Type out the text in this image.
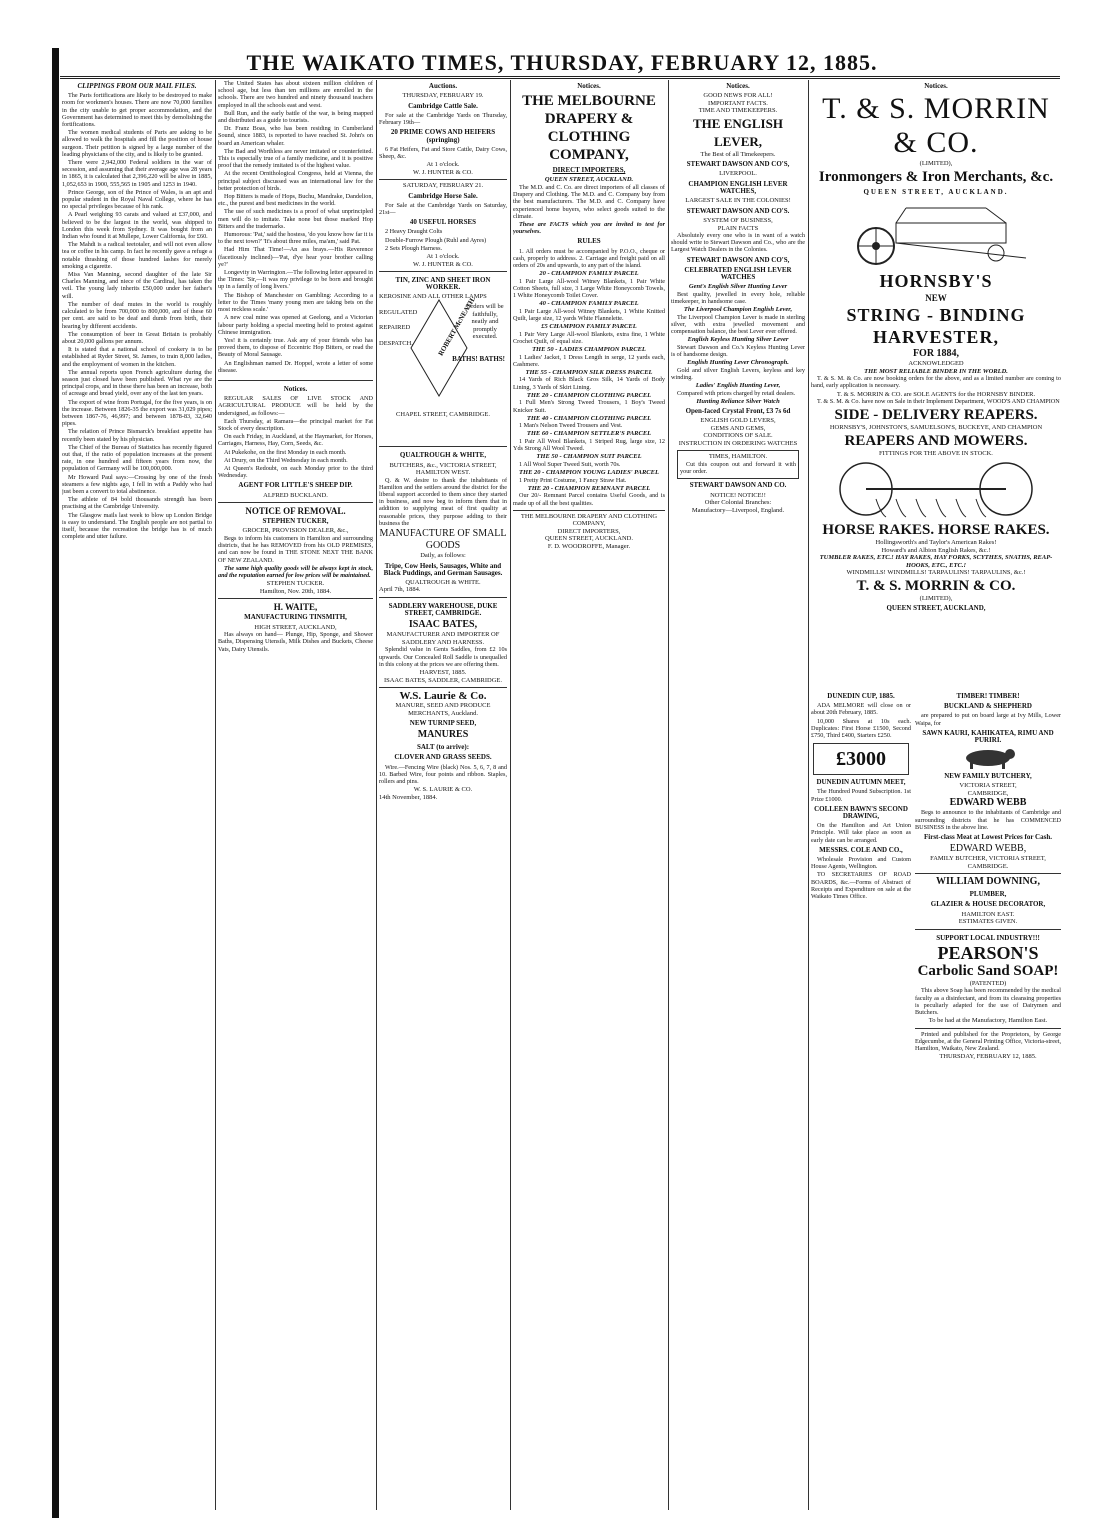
THE WAIKATO TIMES, THURSDAY, FEBRUARY 12, 1885.
CLIPPINGS FROM OUR MAIL FILES.

The Paris fortifications are likely to be destroyed to make room for workmen's houses. There are now 70,000 families in the city unable to get proper accommodation, and the Government has determined to meet this by demolishing the fortifications.

The women medical students of Paris are asking to be allowed to walk the hospitals and fill the position of house surgeon. Their petition is signed by a large number of the leading physicians of the city, and is likely to be granted.

There were 2,942,000 Federal soldiers in the war of secession, and assuming that their average age was 28 years in 1865, it is calculated that 2,396,220 will be alive in 1885, 1,052,653 in 1900, 555,565 in 1905 and 1253 in 1940.

Prince George, son of the Prince of Wales, is an apt and popular student in the Royal Naval College, where he has no special privileges because of his rank.

A Pearl weighing 93 carats and valued at £37,000, and believed to be the largest in the world, was shipped to London this week from Sydney. It was bought from an Indian who found it at Mullepe, Lower California, for £60.

The Mahdi is a radical teetotaler, and will not even allow tea or coffee in his camp. In fact he recently gave a refuge a notable thrashing of those hundred lashes for merely smoking a cigarette.

Miss Van Manning, second daughter of the late Sir Charles Manning, and niece of the Cardinal, has taken the veil. The young lady inherits £50,000 under her father's will.

The number of deaf mutes in the world is roughly calculated to be from 700,000 to 800,000, and of these 60 per cent. are said to be deaf and dumb from birth, their hearing by different accidents.

The consumption of beer in Great Britain is probably about 20,000 gallons per annum.

It is stated that a national school of cookery is to be established at Ryder Street, St. James, to train 8,000 ladies, and the employment of women in the kitchen.

The annual reports upon French agriculture during the season just closed have been published. What rye are the principal crops, and in these there has been an increase, both of acreage and bread yield, over any of the last ten years.

The export of wine from Portugal, for the five years, is on the increase. Between 1826-35 the export was 31,029 pipes; between 1867-76, 46,997; and between 1878-83, 32,640 pipes.

The relation of Prince Bismarck's breakfast appetite has recently been stated by his physician.

The Chief of the Bureau of Statistics has recently figured out that, if the ratio of population increases at the present rate, in one hundred and fifteen years from now, the population of Germany will be 100,000,000.

Mr Howard Paul says:—Crossing by one of the fresh steamers a few nights ago, I fell in with a Paddy who had just been a convert to total abstinence.

The athlete of 84 bold thousands strength has been practising at the Cambridge University.

The Glasgow mails last week to blow up London Bridge is easy to understand. The English people are not partial to itself, because the recreation the bridge has is of much complete and utter failure.

The United States has about sixteen million children of school age, but less than ten millions are enrolled in the schools. There are two hundred and ninety thousand teachers employed in all the schools east and west.

Bull Run, and the early battle of the war, is being mapped and distributed as a guide to tourists.

Dr. Franz Boas, who has been residing in Cumberland Sound, since 1883, is reported to have reached St. John's on board an American whaler.

The Bad and Worthless are never imitated or counterfeited. This is especially true of a family medicine, and it is positive proof that the remedy imitated is of the highest value.

At the recent Ornithological Congress, held at Vienna, the principal subject discussed was an international law for the better protection of birds.

Hop Bitters is made of Hops, Buchu, Mandrake, Dandelion, etc., the purest and best medicines in the world.

The use of such medicines is a proof of what unprincipled men will do to imitate. Take none but those marked Hop Bitters and the tradernarks.

Humorous: 'Pat,' said the hostess, 'do you know how far it is to the next town?' 'It's about three miles, ma'am,' said Pat.

Had Him That Time!—An ass brays.—His Reverence (facetiously inclined)—'Pat, d'ye hear your brother calling ye?'

Longevity in Warrington.—The following letter appeared in the Times: 'Sir,—It was my privilege to be born and brought up in a family of long livers.'

The Bishop of Manchester on Gambling: According to a letter to the Times 'many young men are taking bets on the most reckless scale.'

A new coal mine was opened at Geelong, and a Victorian labour party holding a special meeting held to protest against Chinese immigration.

Yes! it is certainly true. Ask any of your friends who has proved them, to dispose of Eccentric Hop Bitters, or read the Beauty of Moral Sausage.

An Englishman named Dr. Hoppel, wrote a letter of some disease.

Notices.

REGULAR SALES OF LIVE STOCK AND AGRICULTURAL PRODUCE will be held by the undersigned, as follows:—

Each Thursday, at Ramara—the principal market for Fat Stock of every description.

On each Friday, in Auckland, at the Haymarket, for Horses, Carriages, Harness, Hay, Corn, Seeds, &c.

At Pukekohe, on the first Monday in each month.

At Drury, on the Third Wednesday in each month.

At Queen's Redoubt, on each Monday prior to the third Wednesday.

AGENT FOR LITTLE'S SHEEP DIP.
ALFRED BUCKLAND.
NOTICE OF REMOVAL.
STEPHEN TUCKER,
GROCER, PROVISION DEALER, &c.,

Begs to inform his customers in Hamilton and surrounding districts, that he has REMOVED from his OLD PREMISES, and can now be found in THE STONE NEXT THE BANK OF NEW ZEALAND.

The same high quality goods will be always kept in stock, and the reputation earned for low prices will be maintained.

STEPHEN TUCKER.
Hamilton, Nov. 20th, 1884.
H. WAITE,
MANUFACTURING TINSMITH,
HIGH STREET, AUCKLAND,

Has always on hand— Plunge, Hip, Sponge, and Shower Baths, Dispensing Utensils, Milk Dishes and Buckets, Cheese Vats, Dairy Utensils.

Auctions.
THURSDAY, FEBRUARY 19.
Cambridge Cattle Sale.

For sale at the Cambridge Yards on Thursday, February 19th—

20 PRIME COWS AND HEIFERS (springing)

6 Fat Heifers, Fat and Store Cattle, Dairy Cows, Sheep, &c.

At 1 o'clock.
W. J. HUNTER & CO.
SATURDAY, FEBRUARY 21.
Cambridge Horse Sale.

For Sale at the Cambridge Yards on Saturday, 21st—

40 USEFUL HORSES

2 Heavy Draught Colts

Double-Furrow Plough (Ruhl and Ayres)

2 Sets Plough Harness.

At 1 o'clock.
W. J. HUNTER & CO.
TIN, ZINC AND SHEET IRON WORKER.
KEROSINE AND ALL OTHER LAMPS
REGULATED
REPAIRED
DESPATCH.
BATHS! BATHS!
Orders will be faithfully, neatly and promptly executed.
ROBERT McNEATH.
CHAPEL STREET, CAMBRIDGE.
QUALTROUGH & WHITE,
BUTCHERS, &c., VICTORIA STREET, HAMILTON WEST.

Q. & W. desire to thank the inhabitants of Hamilton and the settlers around the district for the liberal support accorded to them since they started in business, and now beg to inform them that in addition to supplying meat of first quality at reasonable prices, they purpose adding to their business the

MANUFACTURE OF SMALL GOODS
Daily, as follows:
Tripe, Cow Heels, Sausages, White and Black Puddings, and German Sausages.
QUALTROUGH & WHITE.
April 7th, 1884.
SADDLERY WAREHOUSE, DUKE STREET, CAMBRIDGE.
ISAAC BATES,
MANUFACTURER AND IMPORTER OF SADDLERY AND HARNESS.

Splendid value in Gents Saddles, from £2 10s upwards. Our Concealed Roll Saddle is unequalled in this colony at the prices we are offering them.

HARVEST, 1885.
ISAAC BATES, SADDLER, CAMBRIDGE.
W.S. Laurie & Co.
MANURE, SEED AND PRODUCE MERCHANTS, Auckland.
NEW TURNIP SEED,
MANURES
SALT (to arrive):
CLOVER AND GRASS SEEDS.

Wire.—Fencing Wire (black) Nos. 5, 6, 7, 8 and 10. Barbed Wire, four points and ribbon. Staples, rollers and pins.

W. S. LAURIE & CO.
14th November, 1884.
Notices.
THE MELBOURNE
DRAPERY & CLOTHING
COMPANY,
DIRECT IMPORTERS,
QUEEN STREET, AUCKLAND.

The M.D. and C. Co. are direct importers of all classes of Drapery and Clothing. The M.D. and C. Company buy from the best manufacturers. The M.D. and C. Company have experienced home buyers, who select goods suited to the climate.

These are FACTS which you are invited to test for yourselves.

RULES

1. All orders must be accompanied by P.O.O., cheque or cash, properly to address. 2. Carriage and freight paid on all orders of 20s and upwards, to any part of the island.

20 - CHAMPION FAMILY PARCEL

1 Pair Large All-wool Witney Blankets, 1 Pair White Cotton Sheets, full size, 3 Large White Honeycomb Towels, 1 White Honeycomb Toilet Cover.

40 - CHAMPION FAMILY PARCEL

1 Pair Large All-wool Witney Blankets, 1 White Knitted Quilt, large size, 12 yards White Flannelette.

£5 CHAMPION FAMILY PARCEL

1 Pair Very Large All-wool Blankets, extra fine, 1 White Crochet Quilt, of equal size.

THE 50 - LADIES CHAMPION PARCEL

1 Ladies' Jacket, 1 Dress Length in serge, 12 yards each, Cashmere.

THE 55 - CHAMPION SILK DRESS PARCEL

14 Yards of Rich Black Gros Silk, 14 Yards of Body Lining, 3 Yards of Skirt Lining.

THE 20 - CHAMPION CLOTHING PARCEL

1 Full Men's Strong Tweed Trousers, 1 Boy's Tweed Knicker Suit.

THE 40 - CHAMPION CLOTHING PARCEL

1 Man's Nelson Tweed Trousers and Vest.

THE 60 - CHAMPION SETTLER'S PARCEL

1 Pair All Wool Blankets, 1 Striped Rug, large size, 12 Yds Strong All Wool Tweed.

THE 50 - CHAMPION SUIT PARCEL

1 All Wool Super Tweed Suit, worth 70s.

THE 20 - CHAMPION YOUNG LADIES' PARCEL

1 Pretty Print Costume, 1 Fancy Straw Hat.

THE 20 - CHAMPION REMNANT PARCEL

Our 20/- Remnant Parcel contains Useful Goods, and is made up of all the best qualities.

THE MELBOURNE DRAPERY AND CLOTHING COMPANY,
DIRECT IMPORTERS,
QUEEN STREET, AUCKLAND.
F. D. WOODROFFE, Manager.
Notices.
GOOD NEWS FOR ALL!
IMPORTANT FACTS.
TIME AND TIMEKEEPERS.
THE ENGLISH LEVER,
The Best of all Timekeepers.
STEWART DAWSON AND CO'S,
LIVERPOOL.
CHAMPION ENGLISH LEVER WATCHES,
LARGEST SALE IN THE COLONIES!
STEWART DAWSON AND CO'S.
SYSTEM OF BUSINESS,
PLAIN FACTS

Absolutely every one who is in want of a watch should write to Stewart Dawson and Co., who are the Largest Watch Dealers in the Colonies.

STEWART DAWSON AND CO'S,
CELEBRATED ENGLISH LEVER WATCHES
Gent's English Silver Hunting Lever

Best quality, jewelled in every hole, reliable timekeeper, in handsome case.

The Liverpool Champion English Lever,

The Liverpool Champion Lever is made in sterling silver, with extra jewelled movement and compensation balance, the best Lever ever offered.

English Keyless Hunting Silver Lever

Stewart Dawson and Co.'s Keyless Hunting Lever is of handsome design.

English Hunting Lever Chronograph.

Gold and silver English Levers, keyless and key winding.

Ladies' English Hunting Lever,

Compared with prices charged by retail dealers.

Hunting Reliance Silver Watch
Open-faced Crystal Front, £3 7s 6d
ENGLISH GOLD LEVERS,
GEMS AND GEMS,
CONDITIONS OF SALE.
INSTRUCTION IN ORDERING WATCHES
TIMES, HAMILTON.

Cut this coupon out and forward it with your order.

STEWART DAWSON AND CO.
NOTICE! NOTICE!!
Other Colonial Branches:
Manufactory—Liverpool, England.
DUNEDIN CUP, 1885.

ADA MELMORE will close on or about 20th February, 1885.

10,000 Shares at 10s each. Duplicates: First Horse £1500, Second £750, Third £400, Starters £250.

£3000
DUNEDIN AUTUMN MEET,

The Hundred Pound Subscription. 1st Prize £1000.

COLLEEN BAWN'S SECOND DRAWING,

On the Hamilton and Art Union Principle. Will take place as soon as early date can be arranged.

MESSRS. COLE AND CO.,

Wholesale Provision and Custom House Agents, Wellington.

TO SECRETARIES OF ROAD BOARDS, &c.—Forms of Abstract of Receipts and Expenditure on sale at the Waikato Times Office.

Notices.
T. & S. MORRIN & CO.
(LIMITED),
Ironmongers & Iron Merchants, &c.
QUEEN STREET, AUCKLAND.
HORNSBY'S
NEW
STRING - BINDING HARVESTER,
FOR 1884,
ACKNOWLEDGED
THE MOST RELIABLE BINDER IN THE WORLD.

T. & S. M. & Co. are now booking orders for the above, and as a limited number are coming to hand, early application is necessary.

T. & S. MORRIN & CO. are SOLE AGENTS for the HORNSBY BINDER.

T. & S. M. & Co. have now on Sale in their Implement Department, WOOD'S AND CHAMPION

SIDE - DELIVERY REAPERS.
HORNSBY'S, JOHNSTON'S, SAMUELSON'S, BUCKEYE, AND CHAMPION
REAPERS AND MOWERS.
FITTINGS FOR THE ABOVE IN STOCK.
HORSE RAKES. HORSE RAKES.
Hollingsworth's and Taylor's American Rakes!
Howard's and Albion English Rakes, &c.!
TUMBLER RAKES, ETC.! HAY RAKES, HAY FORKS, SCYTHES, SNATHS, REAP-HOOKS, ETC., ETC.!
WINDMILLS! WINDMILLS! TARPAULINS! TARPAULINS, &c.!
T. & S. MORRIN & CO.
(LIMITED),
QUEEN STREET, AUCKLAND,
TIMBER! TIMBER!
BUCKLAND & SHEPHERD

are prepared to put on board large at Ivy Mills, Lower Waipa, for

SAWN KAURI, KAHIKATEA, RIMU AND PURIRI.
NEW FAMILY BUTCHERY,
VICTORIA STREET,
CAMBRIDGE,
EDWARD WEBB

Begs to announce to the inhabitants of Cambridge and surrounding districts that he has COMMENCED BUSINESS in the above line.

First-class Meat at Lowest Prices for Cash.
EDWARD WEBB,
FAMILY BUTCHER, VICTORIA STREET, CAMBRIDGE.
WILLIAM DOWNING,
PLUMBER,
GLAZIER & HOUSE DECORATOR,
HAMILTON EAST.
ESTIMATES GIVEN.
SUPPORT LOCAL INDUSTRY!!!
PEARSON'S
Carbolic Sand SOAP!
(PATENTED)

This above Soap has been recommended by the medical faculty as a disinfectant, and from its cleansing properties is peculiarly adapted for the use of Dairymen and Butchers.

To be had at the Manufactory, Hamilton East.

Printed and published for the Proprietors, by George Edgecumbe, at the General Printing Office, Victoria-street, Hamilton, Waikato, New Zealand.

THURSDAY, FEBRUARY 12, 1885.
